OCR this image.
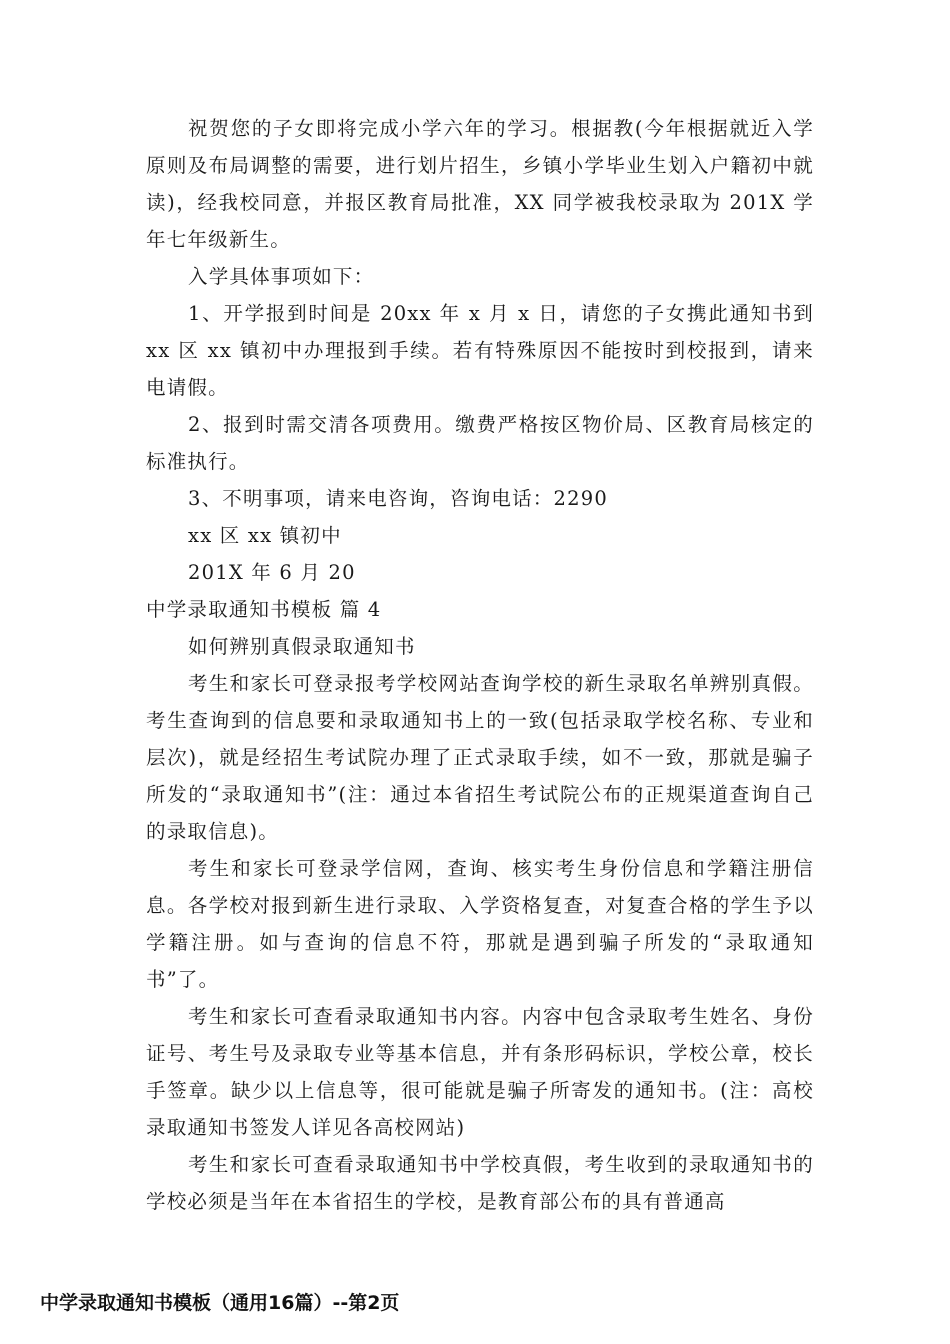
祝贺您的子女即将完成小学六年的学习。根据教(今年根据就近入学原则及布局调整的需要，进行划片招生，乡镇小学毕业生划入户籍初中就读)，经我校同意，并报区教育局批准，XX 同学被我校录取为 201X 学年七年级新生。

入学具体事项如下：

1、开学报到时间是 20xx 年 x 月 x 日，请您的子女携此通知书到 xx 区 xx 镇初中办理报到手续。若有特殊原因不能按时到校报到，请来电请假。

2、报到时需交清各项费用。缴费严格按区物价局、区教育局核定的标准执行。

3、不明事项，请来电咨询，咨询电话：2290

xx 区 xx 镇初中

201X 年 6 月 20

中学录取通知书模板 篇 4

如何辨别真假录取通知书

考生和家长可登录报考学校网站查询学校的新生录取名单辨别真假。考生查询到的信息要和录取通知书上的一致(包括录取学校名称、专业和层次)，就是经招生考试院办理了正式录取手续，如不一致，那就是骗子所发的“录取通知书”(注：通过本省招生考试院公布的正规渠道查询自己的录取信息)。

考生和家长可登录学信网，查询、核实考生身份信息和学籍注册信息。各学校对报到新生进行录取、入学资格复查，对复查合格的学生予以学籍注册。如与查询的信息不符，那就是遇到骗子所发的“录取通知书”了。

考生和家长可查看录取通知书内容。内容中包含录取考生姓名、身份证号、考生号及录取专业等基本信息，并有条形码标识，学校公章，校长手签章。缺少以上信息等，很可能就是骗子所寄发的通知书。(注：高校录取通知书签发人详见各高校网站)

考生和家长可查看录取通知书中学校真假，考生收到的录取通知书的学校必须是当年在本省招生的学校，是教育部公布的具有普通高

中学录取通知书模板（通用16篇）--第2页
